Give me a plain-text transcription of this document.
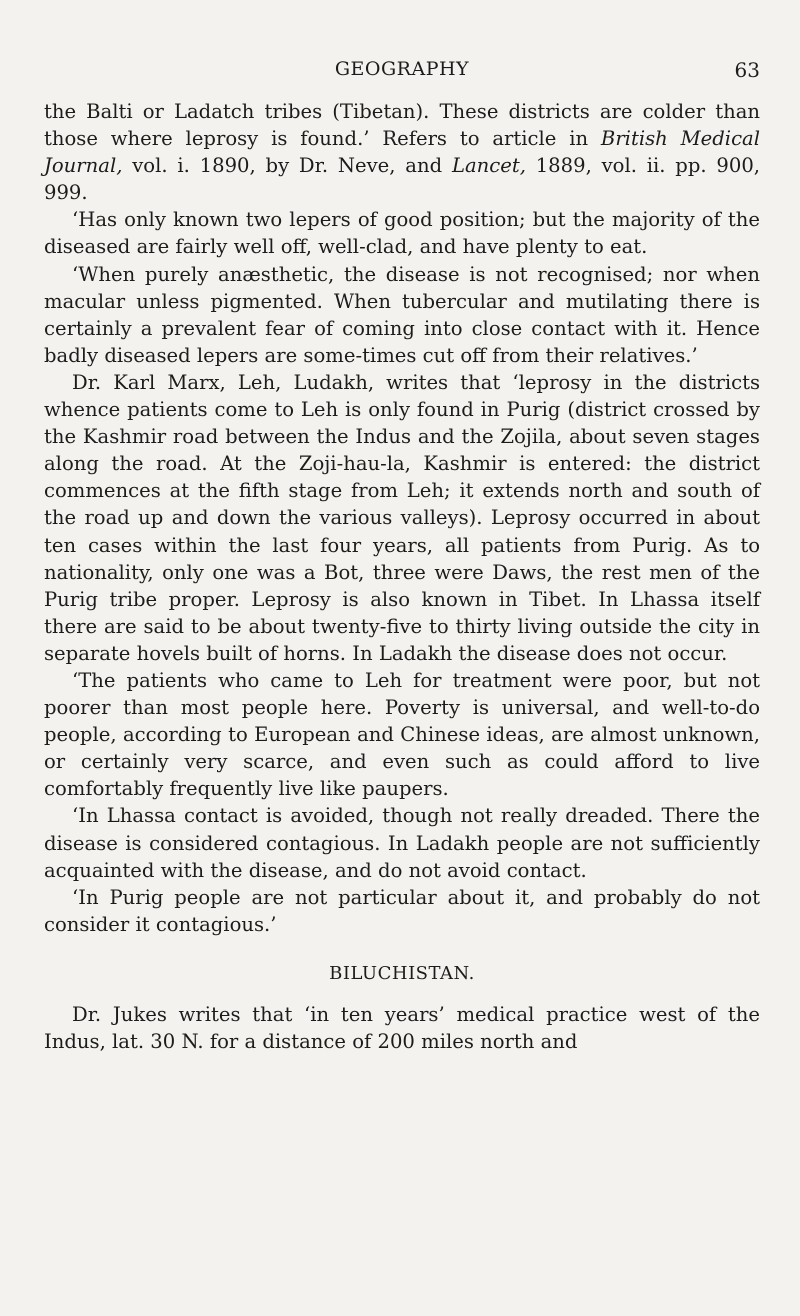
GEOGRAPHY	63

the Balti or Ladatch tribes (Tibetan). These districts are colder than those where leprosy is found.’ Refers to article in British Medical Journal, vol. i. 1890, by Dr. Neve, and Lancet, 1889, vol. ii. pp. 900, 999.

‘Has only known two lepers of good position; but the majority of the diseased are fairly well off, well-clad, and have plenty to eat.

‘When purely anæsthetic, the disease is not recognised; nor when macular unless pigmented. When tubercular and mutilating there is certainly a prevalent fear of coming into close contact with it. Hence badly diseased lepers are some-times cut off from their relatives.’

Dr. Karl Marx, Leh, Ludakh, writes that ‘leprosy in the districts whence patients come to Leh is only found in Purig (district crossed by the Kashmir road between the Indus and the Zojila, about seven stages along the road. At the Zoji-hau-la, Kashmir is entered: the district commences at the fifth stage from Leh; it extends north and south of the road up and down the various valleys). Leprosy occurred in about ten cases within the last four years, all patients from Purig. As to nationality, only one was a Bot, three were Daws, the rest men of the Purig tribe proper. Leprosy is also known in Tibet. In Lhassa itself there are said to be about twenty-five to thirty living outside the city in separate hovels built of horns. In Ladakh the disease does not occur.

‘The patients who came to Leh for treatment were poor, but not poorer than most people here. Poverty is universal, and well-to-do people, according to European and Chinese ideas, are almost unknown, or certainly very scarce, and even such as could afford to live comfortably frequently live like paupers.

‘In Lhassa contact is avoided, though not really dreaded. There the disease is considered contagious. In Ladakh people are not sufficiently acquainted with the disease, and do not avoid contact.

‘In Purig people are not particular about it, and probably do not consider it contagious.’

BILUCHISTAN.

Dr. Jukes writes that ‘in ten years’ medical practice west of the Indus, lat. 30 N. for a distance of 200 miles north and
